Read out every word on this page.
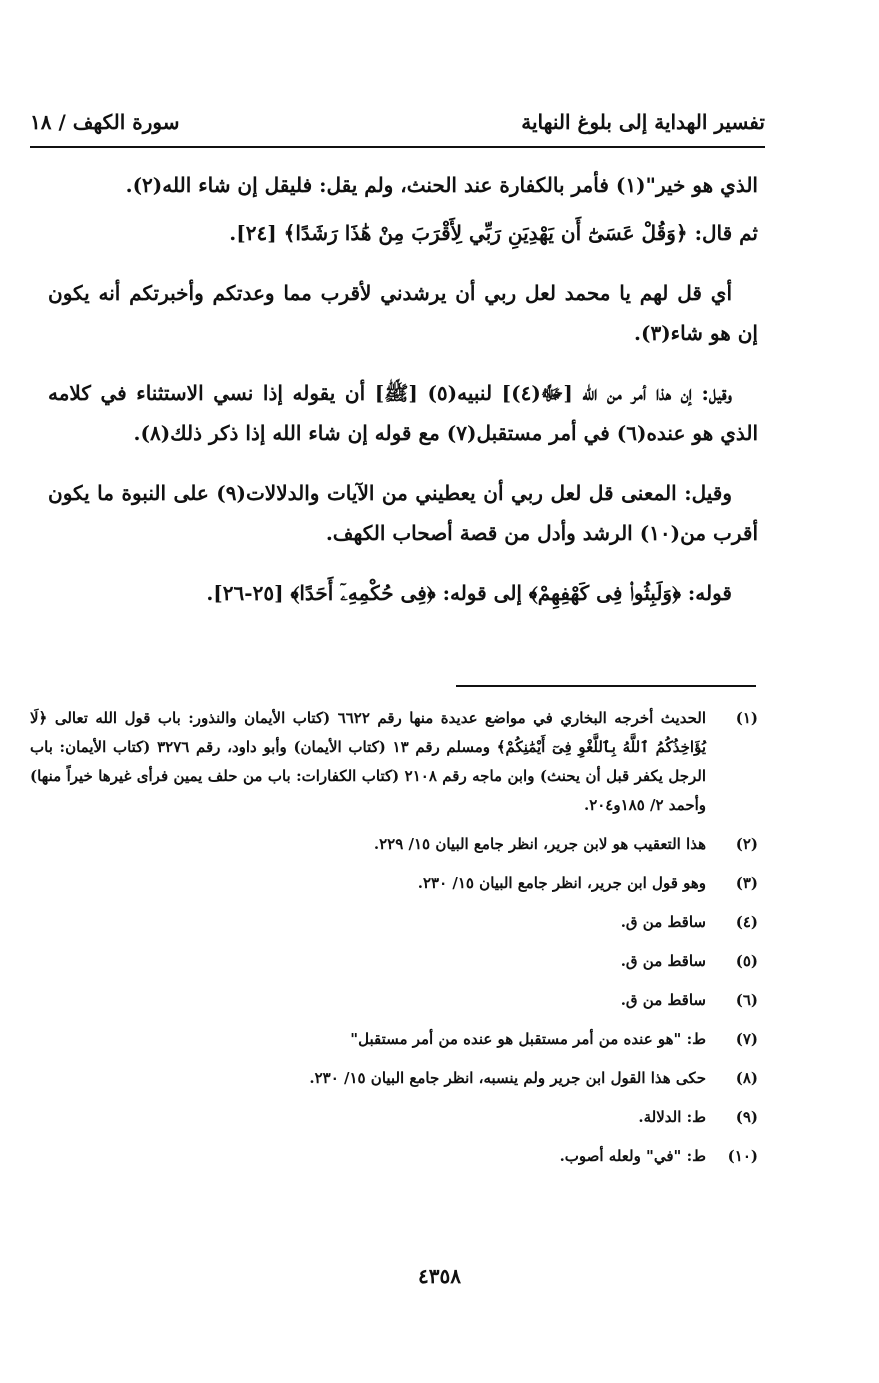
تفسير الهداية إلى بلوغ النهاية
سورة الكهف / ١٨

الذي هو خير"(١) فأمر بالكفارة عند الحنث، ولم يقل: فليقل إن شاء الله(٢).

ثم قال: ﴿وَقُلْ عَسَىٰٓ أَن يَهْدِيَنِ رَبِّي لِأَقْرَبَ مِنْ هَٰذَا رَشَدًا﴾ [٢٤].

أي قل لهم يا محمد لعل ربي أن يرشدني لأقرب مما وعدتكم وأخبرتكم أنه يكون إن هو شاء(٣).

وقيل: إن هذا أمر من الله [ﷻ(٤)] لنبيه(٥) [ﷺ] أن يقوله إذا نسي الاستثناء في كلامه الذي هو عنده(٦) في أمر مستقبل(٧) مع قوله إن شاء الله إذا ذكر ذلك(٨).

وقيل: المعنى قل لعل ربي أن يعطيني من الآيات والدلالات(٩) على النبوة ما يكون أقرب من(١٠) الرشد وأدل من قصة أصحاب الكهف.

قوله: ﴿وَلَبِثُوا۟ فِى كَهْفِهِمْ﴾ إلى قوله: ﴿فِى حُكْمِهِۦٓ أَحَدًا﴾ [٢٥-٢٦].

(١)
الحديث أخرجه البخاري في مواضع عديدة منها رقم ٦٦٢٢ (كتاب الأيمان والنذور: باب قول الله تعالى ﴿لَا يُؤَاخِذُكُمُ ٱللَّهُ بِٱللَّغْوِ فِىٓ أَيْمَٰنِكُمْ﴾ ومسلم رقم ١٣ (كتاب الأيمان) وأبو داود، رقم ٣٢٧٦ (كتاب الأيمان: باب الرجل يكفر قبل أن يحنث) وابن ماجه رقم ٢١٠٨ (كتاب الكفارات: باب من حلف يمين فرأى غيرها خيراً منها) وأحمد ٢/ ١٨٥و٢٠٤.
(٢)
هذا التعقيب هو لابن جرير، انظر جامع البيان ١٥/ ٢٢٩.
(٣)
وهو قول ابن جرير، انظر جامع البيان ١٥/ ٢٣٠.
(٤)
ساقط من ق.
(٥)
ساقط من ق.
(٦)
ساقط من ق.
(٧)
ط: "هو عنده من أمر مستقبل هو عنده من أمر مستقبل"
(٨)
حكى هذا القول ابن جرير ولم ينسبه، انظر جامع البيان ١٥/ ٢٣٠.
(٩)
ط: الدلالة.
(١٠)
ط: "في" ولعله أصوب.
٤٣٥٨
